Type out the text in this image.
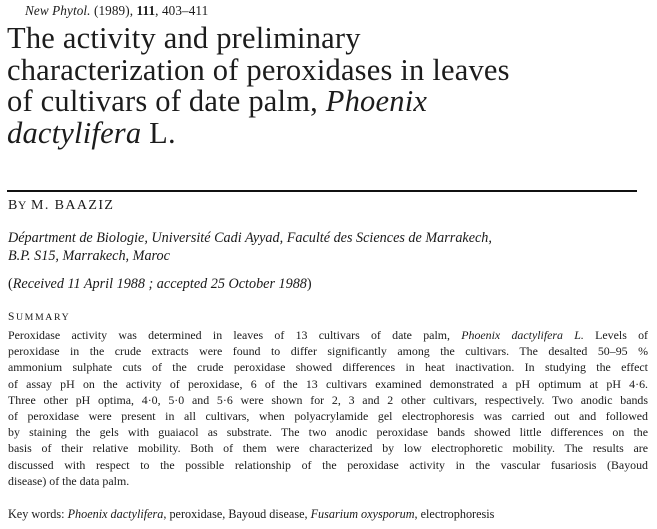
New Phytol. (1989), 111, 403–411
The activity and preliminary
characterization of peroxidases in leaves
of cultivars of date palm, Phoenix
dactylifera L.
BY M. BAAZIZ
Départment de Biologie, Université Cadi Ayyad, Faculté des Sciences de Marrakech,
B.P. S15, Marrakech, Maroc
(Received 11 April 1988 ; accepted 25 October 1988)
SUMMARY
Peroxidase activity was determined in leaves of 13 cultivars of date palm, Phoenix dactylifera L. Levels of
peroxidase in the crude extracts were found to differ significantly among the cultivars. The desalted 50–95 %
ammonium sulphate cuts of the crude peroxidase showed differences in heat inactivation. In studying the effect
of assay pH on the activity of peroxidase, 6 of the 13 cultivars examined demonstrated a pH optimum at pH 4·6.
Three other pH optima, 4·0, 5·0 and 5·6 were shown for 2, 3 and 2 other cultivars, respectively. Two anodic bands
of peroxidase were present in all cultivars, when polyacrylamide gel electrophoresis was carried out and followed
by staining the gels with guaiacol as substrate. The two anodic peroxidase bands showed little differences on the
basis of their relative mobility. Both of them were characterized by low electrophoretic mobility. The results are
discussed with respect to the possible relationship of the peroxidase activity in the vascular fusariosis (Bayoud
disease) of the data palm.
Key words: Phoenix dactylifera, peroxidase, Bayoud disease, Fusarium oxysporum, electrophoresis
